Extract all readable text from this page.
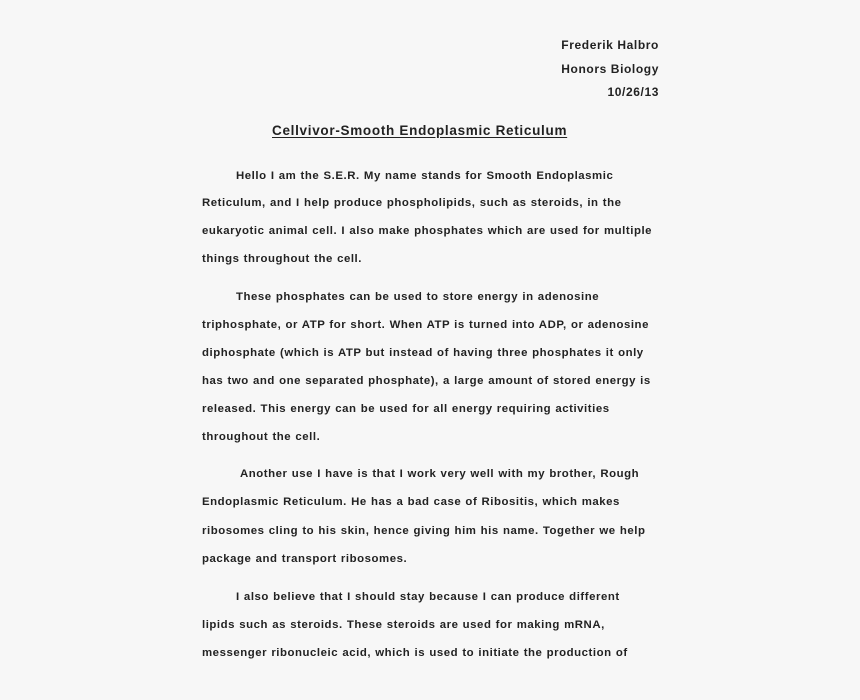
Frederik Halbro
Honors Biology
10/26/13
Cellvivor-Smooth Endoplasmic Reticulum
Hello I am the S.E.R. My name stands for Smooth Endoplasmic
Reticulum, and I help produce phospholipids, such as steroids, in the
eukaryotic animal cell. I also make phosphates which are used for multiple
things throughout the cell.
These phosphates can be used to store energy in adenosine
triphosphate, or ATP for short. When ATP is turned into ADP, or adenosine
diphosphate (which is ATP but instead of having three phosphates it only
has two and one separated phosphate), a large amount of stored energy is
released. This energy can be used for all energy requiring activities
throughout the cell.
Another use I have is that I work very well with my brother, Rough
Endoplasmic Reticulum. He has a bad case of Ribositis, which makes
ribosomes cling to his skin, hence giving him his name. Together we help
package and transport ribosomes.
I also believe that I should stay because I can produce different
lipids such as steroids. These steroids are used for making mRNA,
messenger ribonucleic acid, which is used to initiate the production of
